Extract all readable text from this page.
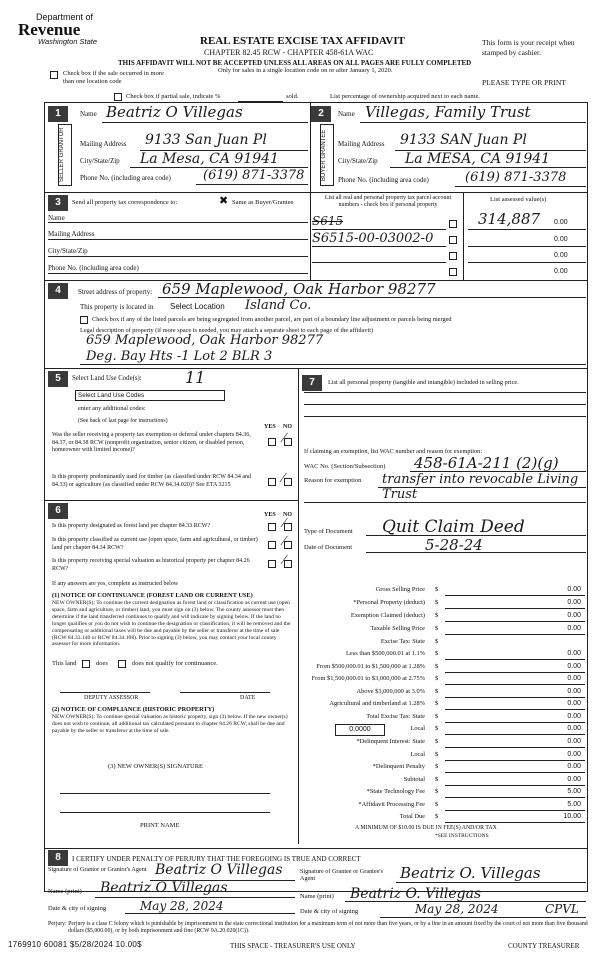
Department of
Revenue
Washington State	REAL ESTATE EXCISE TAX AFFIDAVIT
CHAPTER 82.45 RCW - CHAPTER 458-61A WAC
THIS AFFIDAVIT WILL NOT BE ACCEPTED UNLESS ALL AREAS ON ALL PAGES ARE FULLY COMPLETED
Only for sales in a single location code on or after January 1, 2020.
This form is your receipt when stamped by cashier.
PLEASE TYPE OR PRINT
Check box if the sale occurred in more than one location code
Check box if partial sale, indicate %	sold.	List percentage of ownership acquired next to each name.
1
SELLER GRANTOR
Name Beatriz O Villegas
Mailing Address 9133 San Juan Pl
City/State/Zip La Mesa, CA 91941
Phone No. (including area code) (619) 871-3378
2
BUYER GRANTEE
Name Villegas, Family Trust
Mailing Address 9133 SAN Juan Pl
City/State/Zip La MESA, CA 91941
Phone No. (including area code)	(619) 871-3378
3	Send all property tax correspondence to:	✖ Same as Buyer/Grantee
List all real and personal property tax parcel account numbers - check box if personal property
List assessed value(s)
Name
Mailing Address
City/State/Zip
Phone No. (including area code)
S615	314,887 0.00
S6515-00-03002-0	0.00
0.00
0.00
4	Street address of property: 659 Maplewood, Oak Harbor 98277
This property is located in Select Location Island Co.
Check box if any of the listed parcels are being segregated from another parcel, are part of a boundary line adjustment or parcels being merged
Legal description of property (if more space is needed, you may attach a separate sheet to each page of the affidavit)
659 Maplewood, Oak Harbor 98277
Deg. Bay Hts -1 Lot 2 BLR 3
5	Select Land Use Code(s):	11
Select Land Use Codes
enter any additional codes:
(See back of last page for instructions)
YES NO
Was the seller receiving a property tax exemption or deferral under chapters 84.36, 84.37, or 84.38 RCW (nonprofit organization, senior citizen, or disabled person, homeowner with limited income)?
∕
Is this property predominantly used for timber (as classified under RCW 84.34 and 84.33) or agriculture (as classified under RCW 84.34.020)? See ETA 3215	∕
7	List all personal property (tangible and intangible) included in selling price.
If claiming an exemption, list WAC number and reason for exemption:
WAC No. (Section/Subsection) 458-61A-211 (2)(g)
Reason for exemption transfer into revocable Living
Trust
Type of Document Quit Claim Deed
Date of Document	5-28-24
6	YES NO
Is this property designated as forest land per chapter 84.33 RCW?	∕
Is this property classified as current use (open space, farm and agricultural, or timber) land per chapter 84.34 RCW?	∕
Is this property receiving special valuation as historical property per chapter 84.26 RCW?
∕
If any answers are yes, complete as instructed below
(1) NOTICE OF CONTINUANCE (FOREST LAND OR CURRENT USE)
NEW OWNER(S): To continue the current designation as forest land or classification as current use (open space, farm and agriculture, or timber) land, you must sign on (3) below. The county assessor must then determine if the land transferred continues to qualify and will indicate by signing below. If the land no longer qualifies or you do not wish to continue the designation or classification, it will be removed and the compensating or additional taxes will be due and payable by the seller or transferor at the time of sale (RCW 84.33.140 or RCW 84.34.108). Prior to signing (3) below, you may contact your local county assessor for more information.
This land	does	does not qualify for continuance.
DEPUTY ASSESSOR	DATE
(2) NOTICE OF COMPLIANCE (HISTORIC PROPERTY)
NEW OWNER(S): To continue special valuation as historic property, sign (3) below. If the new owner(s) does not wish to continue, all additional tax calculated pursuant to chapter 84.26 RCW, shall be due and payable by the seller or transferor at the time of sale.
(3) NEW OWNER(S) SIGNATURE
PRINT NAME
Gross Selling Price $	0.00
*Personal Property (deduct) $	0.00
Exemption Claimed (deduct) $	0.00
Taxable Selling Price $	0.00
Excise Tax: State $
Less than $500,000.01 at 1.1% $	0.00
From $500,000.01 to $1,500,000 at 1.28% $	0.00
From $1,500,000.01 to $3,000,000 at 2.75% $	0.00
Above $3,000,000 at 3.0% $	0.00
Agricultural and timberland at 1.28% $	0.00
Total Excise Tax: State $	0.00
Local $	0.00
*Delinquent Interest: State $	0.00
Local $	0.00
*Delinquent Penalty $	0.00
Subtotal $	0.00
*State Technology Fee $	5.00
*Affidavit Processing Fee $	5.00
Total Due $	10.00
0.0000
A MINIMUM OF $10.00 IS DUE IN FEE(S) AND/OR TAX
*SEE INSTRUCTIONS
8	I CERTIFY UNDER PENALTY OF PERJURY THAT THE FOREGOING IS TRUE AND CORRECT
Signature of Grantor or Grantor's Agent Beatriz O Villegas
Name (print) Beatriz O Villegas
Date & city of signing	May 28, 2024
Signature of Grantee or Grantee's Agent	Beatriz O. Villegas
Name (print) Beatriz O. Villegas
Date & city of signing	May 28, 2024	CPVL
Perjury: Perjury is a class C felony which is punishable by imprisonment in the state correctional institution for a maximum term of not more than five years, or by a fine in an amount fixed by the court of not more than five thousand dollars ($5,000.00), or by both imprisonment and fine (RCW 9A.20.020(1C)).
1769910 60081 $5/28/2024 10.00$	THIS SPACE - TREASURER'S USE ONLY	COUNTY TREASURER
